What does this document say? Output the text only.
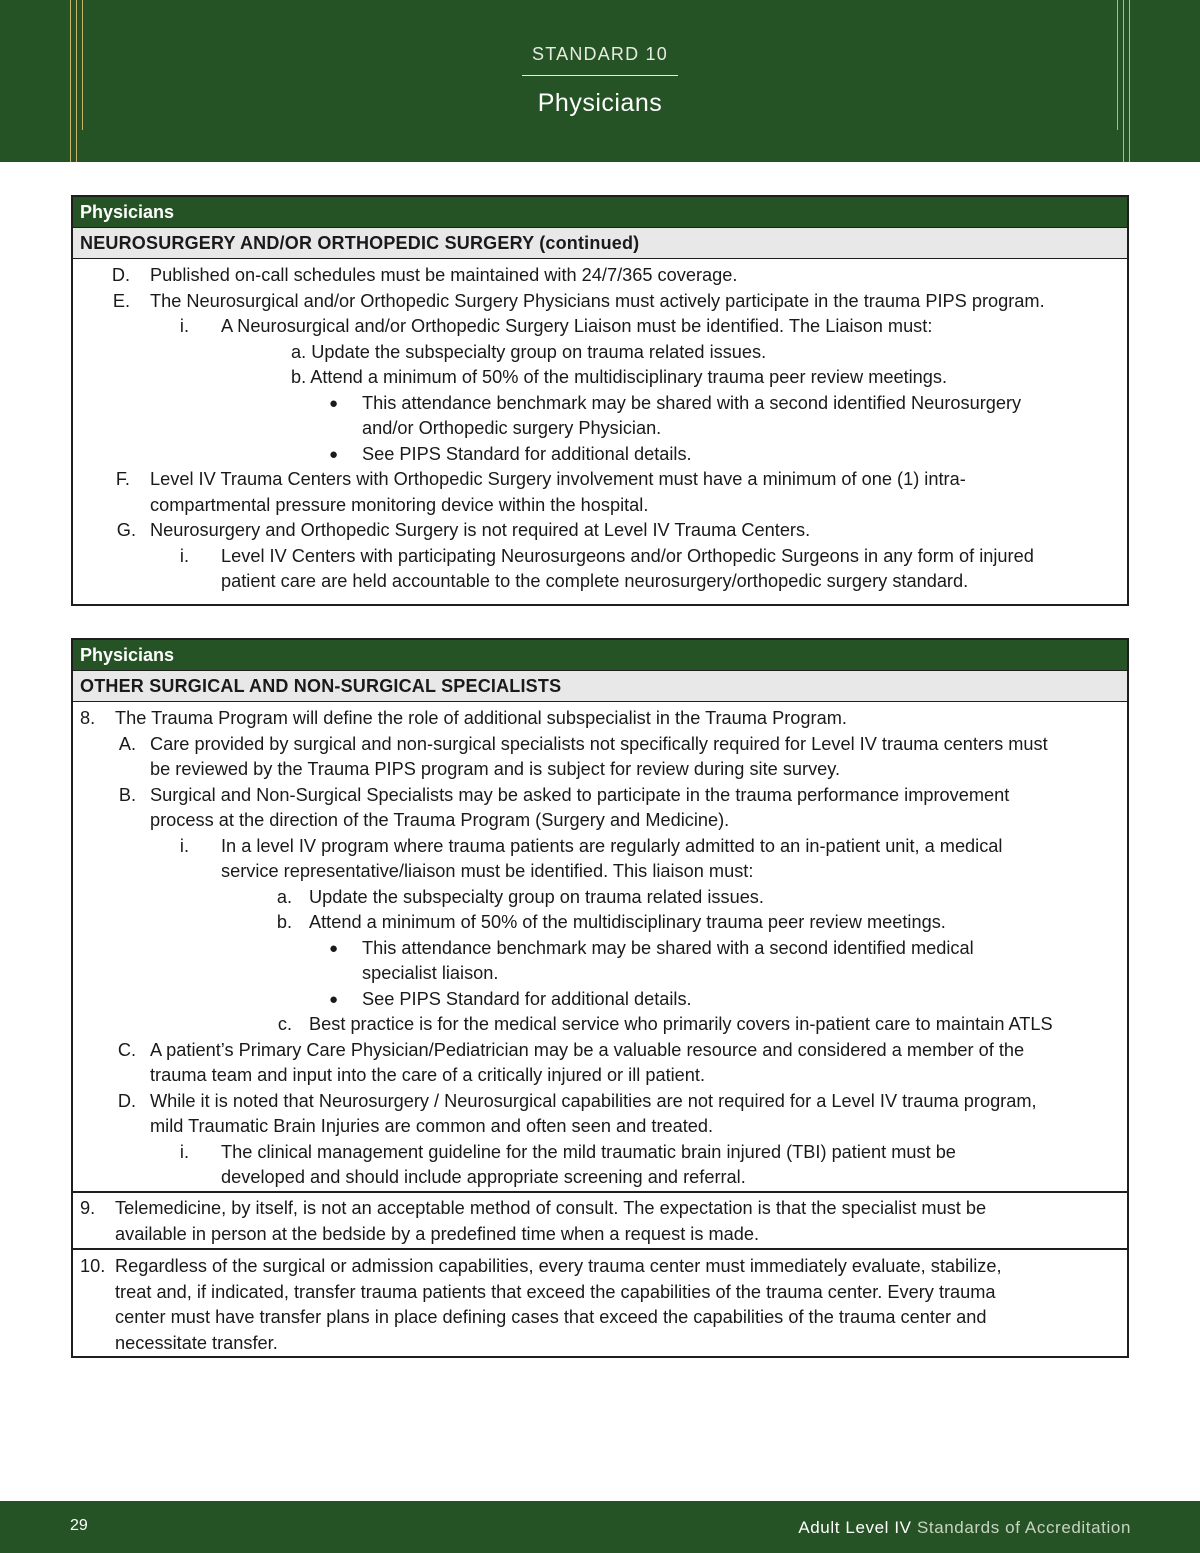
STANDARD 10
Physicians
Physicians
NEUROSURGERY AND/OR ORTHOPEDIC SURGERY (continued)
D. Published on-call schedules must be maintained with 24/7/365 coverage.
E. The Neurosurgical and/or Orthopedic Surgery Physicians must actively participate in the trauma PIPS program.
i. A Neurosurgical and/or Orthopedic Surgery Liaison must be identified. The Liaison must:
a. Update the subspecialty group on trauma related issues.
b. Attend a minimum of 50% of the multidisciplinary trauma peer review meetings.
● This attendance benchmark may be shared with a second identified Neurosurgery
and/or Orthopedic surgery Physician.
● See PIPS Standard for additional details.
F. Level IV Trauma Centers with Orthopedic Surgery involvement must have a minimum of one (1) intra-
compartmental pressure monitoring device within the hospital.
G. Neurosurgery and Orthopedic Surgery is not required at Level IV Trauma Centers.
i. Level IV Centers with participating Neurosurgeons and/or Orthopedic Surgeons in any form of injured
patient care are held accountable to the complete neurosurgery/orthopedic surgery standard.
Physicians
OTHER SURGICAL AND NON-SURGICAL SPECIALISTS
8. The Trauma Program will define the role of additional subspecialist in the Trauma Program.
A. Care provided by surgical and non-surgical specialists not specifically required for Level IV trauma centers must
be reviewed by the Trauma PIPS program and is subject for review during site survey.
B. Surgical and Non-Surgical Specialists may be asked to participate in the trauma performance improvement
process at the direction of the Trauma Program (Surgery and Medicine).
i. In a level IV program where trauma patients are regularly admitted to an in-patient unit, a medical
service representative/liaison must be identified. This liaison must:
a. Update the subspecialty group on trauma related issues.
b. Attend a minimum of 50% of the multidisciplinary trauma peer review meetings.
● This attendance benchmark may be shared with a second identified medical
specialist liaison.
● See PIPS Standard for additional details.
c. Best practice is for the medical service who primarily covers in-patient care to maintain ATLS
C. A patient’s Primary Care Physician/Pediatrician may be a valuable resource and considered a member of the
trauma team and input into the care of a critically injured or ill patient.
D. While it is noted that Neurosurgery / Neurosurgical capabilities are not required for a Level IV trauma program,
mild Traumatic Brain Injuries are common and often seen and treated.
i. The clinical management guideline for the mild traumatic brain injured (TBI) patient must be
developed and should include appropriate screening and referral.
9. Telemedicine, by itself, is not an acceptable method of consult. The expectation is that the specialist must be
available in person at the bedside by a predefined time when a request is made.
10. Regardless of the surgical or admission capabilities, every trauma center must immediately evaluate, stabilize,
treat and, if indicated, transfer trauma patients that exceed the capabilities of the trauma center. Every trauma
center must have transfer plans in place defining cases that exceed the capabilities of the trauma center and
necessitate transfer.
29	Adult Level IV Standards of Accreditation
